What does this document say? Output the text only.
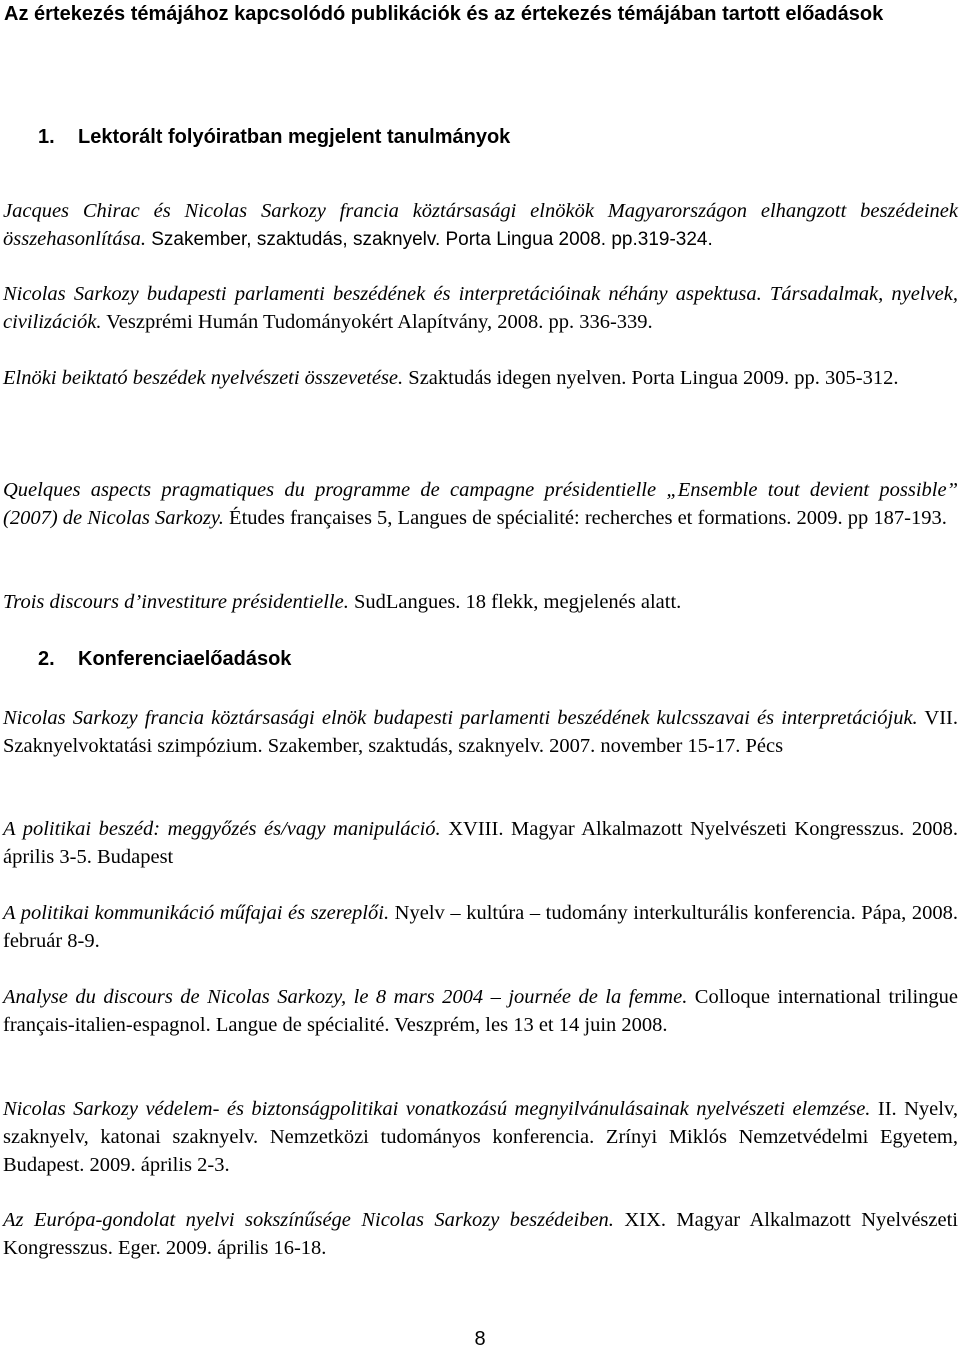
Az értekezés témájához kapcsolódó publikációk és az értekezés témájában tartott előadások
1. Lektorált folyóiratban megjelent tanulmányok
Jacques Chirac és Nicolas Sarkozy francia köztársasági elnökök Magyarországon elhangzott beszédeinek összehasonlítása. Szakember, szaktudás, szaknyelv. Porta Lingua 2008. pp.319-324.
Nicolas Sarkozy budapesti parlamenti beszédének és interpretációinak néhány aspektusa. Társadalmak, nyelvek, civilizációk. Veszprémi Humán Tudományokért Alapítvány, 2008. pp. 336-339.
Elnöki beiktató beszédek nyelvészeti összevetése. Szaktudás idegen nyelven. Porta Lingua 2009. pp. 305-312.
Quelques aspects pragmatiques du programme de campagne présidentielle „Ensemble tout devient possible” (2007) de Nicolas Sarkozy. Études françaises 5, Langues de spécialité: recherches et formations. 2009. pp 187-193.
Trois discours d’investiture présidentielle. SudLangues. 18 flekk, megjelenés alatt.
2. Konferenciaelőadások
Nicolas Sarkozy francia köztársasági elnök budapesti parlamenti beszédének kulcsszavai és interpretációjuk. VII. Szaknyelvoktatási szimpózium. Szakember, szaktudás, szaknyelv. 2007. november 15-17. Pécs
A politikai beszéd: meggyőzés és/vagy manipuláció. XVIII. Magyar Alkalmazott Nyelvészeti Kongresszus. 2008. április 3-5. Budapest
A politikai kommunikáció műfajai és szereplői. Nyelv – kultúra – tudomány interkulturális konferencia. Pápa, 2008. február 8-9.
Analyse du discours de Nicolas Sarkozy, le 8 mars 2004 – journée de la femme. Colloque international trilingue français-italien-espagnol. Langue de spécialité. Veszprém, les 13 et 14 juin 2008.
Nicolas Sarkozy védelem- és biztonságpolitikai vonatkozású megnyilvánulásainak nyelvészeti elemzése. II. Nyelv, szaknyelv, katonai szaknyelv. Nemzetközi tudományos konferencia. Zrínyi Miklós Nemzetvédelmi Egyetem, Budapest. 2009. április 2-3.
Az Európa-gondolat nyelvi sokszínűsége Nicolas Sarkozy beszédeiben. XIX. Magyar Alkalmazott Nyelvészeti Kongresszus. Eger. 2009. április 16-18.
8
